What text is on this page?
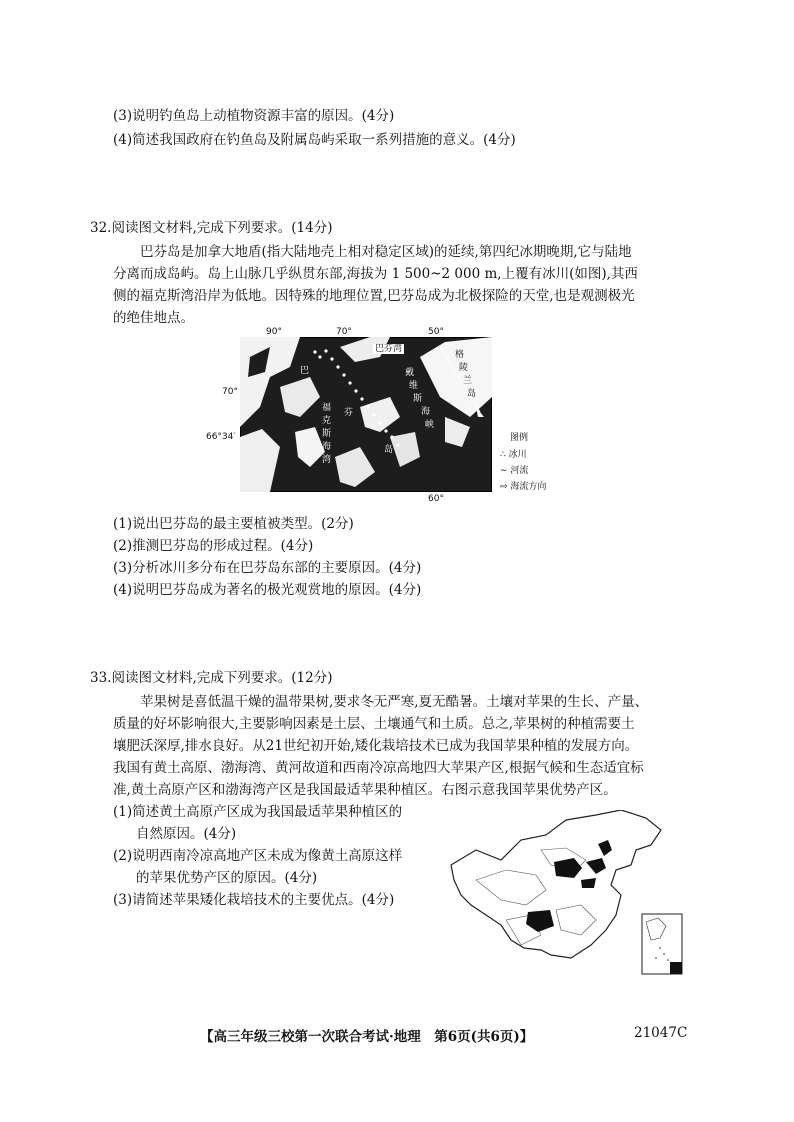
(3)说明钓鱼岛上动植物资源丰富的原因。(4分)
(4)简述我国政府在钓鱼岛及附属岛屿采取一系列措施的意义。(4分)
32.阅读图文材料,完成下列要求。(14分)
巴芬岛是加拿大地盾(指大陆地壳上相对稳定区域)的延续,第四纪冰期晚期,它与陆地
分离而成岛屿。岛上山脉几乎纵贯东部,海拔为 1 500~2 000 m,上覆有冰川(如图),其西
侧的福克斯湾沿岸为低地。因特殊的地理位置,巴芬岛成为北极探险的天堂,也是观测极光
的绝佳地点。
90°	70°	50°
70°
66°34′
60°
巴芬湾
格
陵
兰
岛
戴
维
斯
海
峡
巴
芬
岛
福
克
斯
海
湾
图例
∴ 冰川
∼ 河流
⇨ 海流方向
(1)说出巴芬岛的最主要植被类型。(2分)
(2)推测巴芬岛的形成过程。(4分)
(3)分析冰川多分布在巴芬岛东部的主要原因。(4分)
(4)说明巴芬岛成为著名的极光观赏地的原因。(4分)
33.阅读图文材料,完成下列要求。(12分)
苹果树是喜低温干燥的温带果树,要求冬无严寒,夏无酷暑。土壤对苹果的生长、产量、
质量的好坏影响很大,主要影响因素是土层、土壤通气和土质。总之,苹果树的种植需要土
壤肥沃深厚,排水良好。从21世纪初开始,矮化栽培技术已成为我国苹果种植的发展方向。
我国有黄土高原、渤海湾、黄河故道和西南冷凉高地四大苹果产区,根据气候和生态适宜标
准,黄土高原产区和渤海湾产区是我国最适苹果种植区。右图示意我国苹果优势产区。
(1)简述黄土高原产区成为我国最适苹果种植区的
自然原因。(4分)
(2)说明西南冷凉高地产区未成为像黄土高原这样
的苹果优势产区的原因。(4分)
(3)请简述苹果矮化栽培技术的主要优点。(4分)
【高三年级三校第一次联合考试·地理　第6页(共6页)】	21047C
